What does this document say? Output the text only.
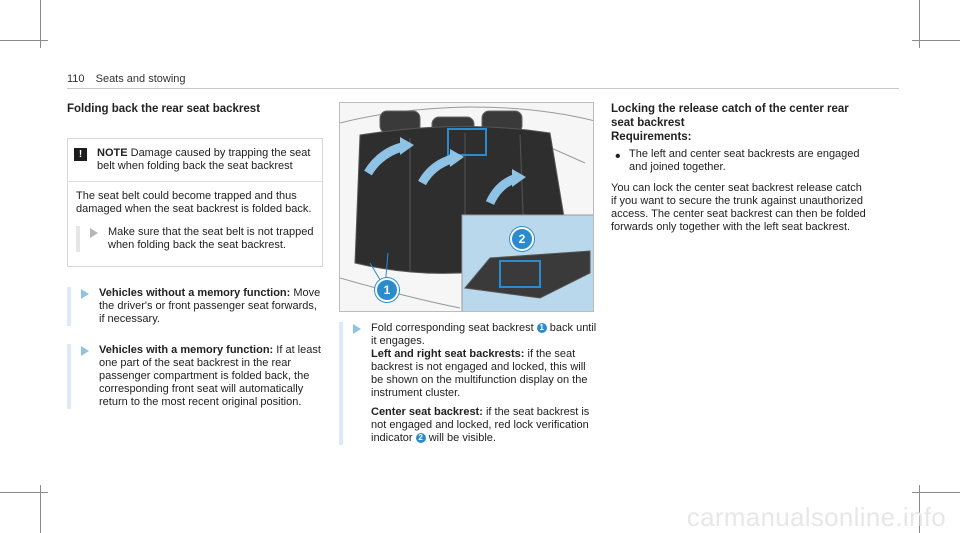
110 Seats and stowing

Folding back the rear seat backrest

!	NOTE Damage caused by trapping the seat belt when folding back the seat backrest
The seat belt could become trapped and thus damaged when the seat backrest is folded back.
Make sure that the seat belt is not trapped when folding back the seat backrest.
Vehicles without a memory function: Move the driver's or front passenger seat forwards, if necessary.
Vehicles with a memory function: If at least one part of the seat backrest in the rear passenger compartment is folded back, the corresponding front seat will automatically return to the most recent original position.
1
2
Fold corresponding seat backrest 1 back until it engages.
Left and right seat backrests: if the seat backrest is not engaged and locked, this will be shown on the multifunction display on the instrument cluster.
Center seat backrest: if the seat backrest is not engaged and locked, red lock verification indicator 2 will be visible.

Locking the release catch of the center rear seat backrest

Requirements:

• The left and center seat backrests are engaged and joined together.
You can lock the center seat backrest release catch if you want to secure the trunk against unauthorized access. The center seat backrest can then be folded forwards only together with the left seat backrest.
carmanualsonline.info
